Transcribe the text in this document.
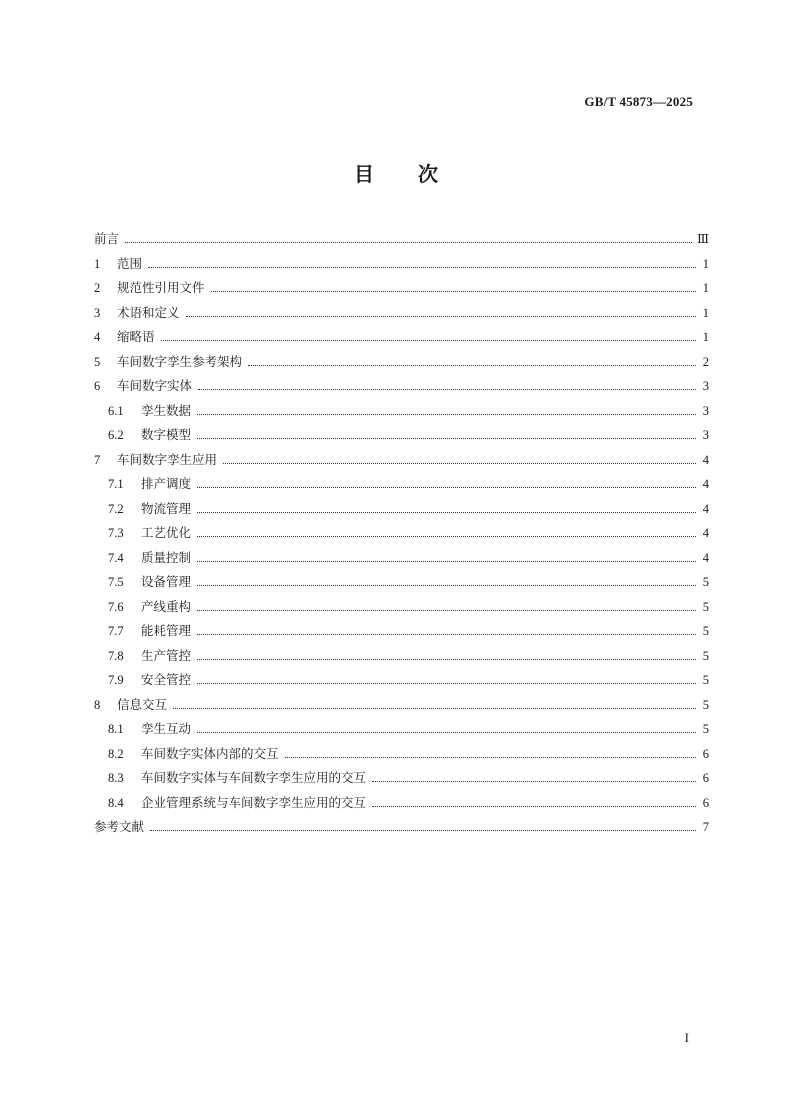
GB/T 45873—2025
目次
前言	Ⅲ
1	范围	1
2	规范性引用文件	1
3	术语和定义	1
4	缩略语	1
5	车间数字孪生参考架构	2
6	车间数字实体	3
6.1	孪生数据	3
6.2	数字模型	3
7	车间数字孪生应用	4
7.1	排产调度	4
7.2	物流管理	4
7.3	工艺优化	4
7.4	质量控制	4
7.5	设备管理	5
7.6	产线重构	5
7.7	能耗管理	5
7.8	生产管控	5
7.9	安全管控	5
8	信息交互	5
8.1	孪生互动	5
8.2	车间数字实体内部的交互	6
8.3	车间数字实体与车间数字孪生应用的交互	6
8.4	企业管理系统与车间数字孪生应用的交互	6
参考文献	7
I
